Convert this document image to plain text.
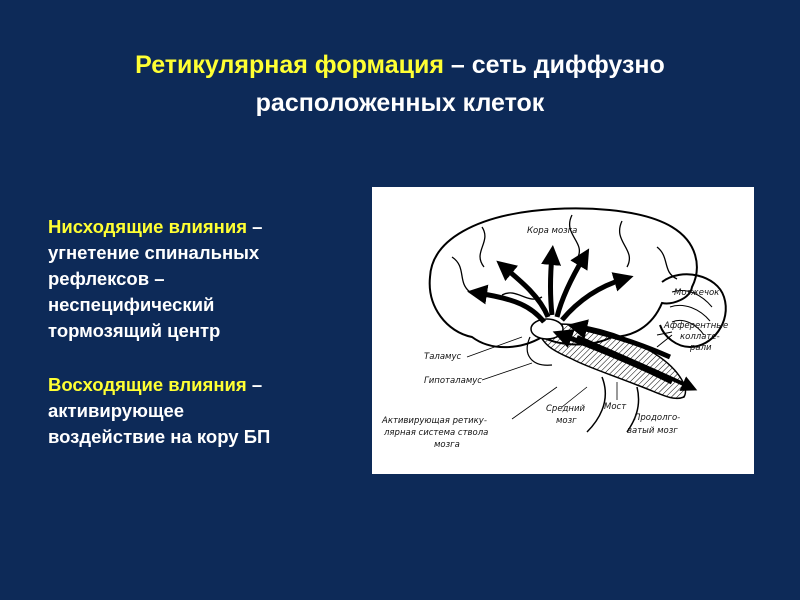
Ретикулярная формация – сеть диффузно
расположенных клеток
Нисходящие влияния –
угнетение спинальных
рефлексов –
неспецифический
тормозящий центр
Восходящие влияния –
активирующее
воздействие на кору БП
Кора мозга
Мозжечок
Афферентные
коллате-
рали
Таламус
Гипоталамус
Мост
Средний
мозг	Продолго-
ватый мозг
Активирующая ретику-
лярная система ствола
мозга
